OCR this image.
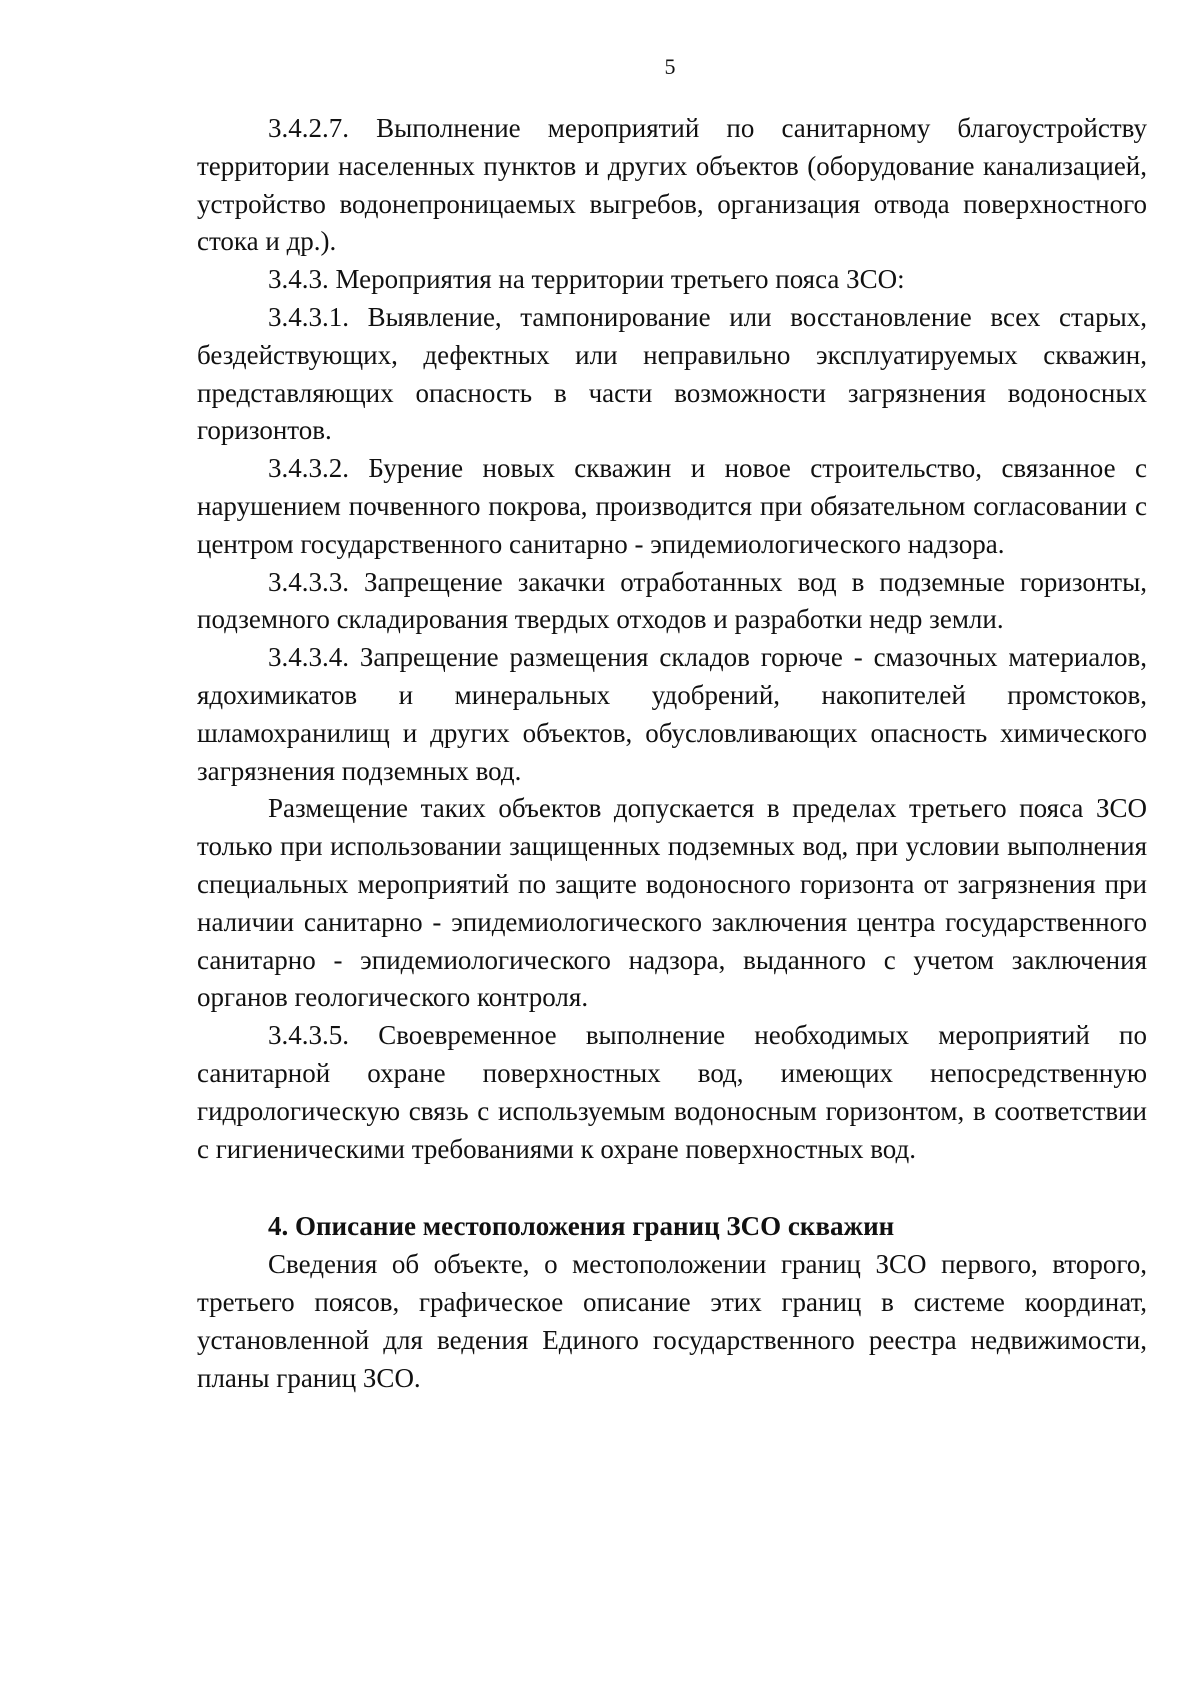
5

3.4.2.7. Выполнение мероприятий по санитарному благоустройству территории населенных пунктов и других объектов (оборудование канализацией, устройство водонепроницаемых выгребов, организация отвода поверхностного стока и др.).

3.4.3. Мероприятия на территории третьего пояса ЗСО:

3.4.3.1. Выявление, тампонирование или восстановление всех старых, бездействующих, дефектных или неправильно эксплуатируемых скважин, представляющих опасность в части возможности загрязнения водоносных горизонтов.

3.4.3.2. Бурение новых скважин и новое строительство, связанное с нарушением почвенного покрова, производится при обязательном согласовании с центром государственного санитарно - эпидемиологического надзора.

3.4.3.3. Запрещение закачки отработанных вод в подземные горизонты, подземного складирования твердых отходов и разработки недр земли.

3.4.3.4. Запрещение размещения складов горюче - смазочных материалов, ядохимикатов и минеральных удобрений, накопителей промстоков, шламохранилищ и других объектов, обусловливающих опасность химического загрязнения подземных вод.

Размещение таких объектов допускается в пределах третьего пояса ЗСО только при использовании защищенных подземных вод, при условии выполнения специальных мероприятий по защите водоносного горизонта от загрязнения при наличии санитарно - эпидемиологического заключения центра государственного санитарно - эпидемиологического надзора, выданного с учетом заключения органов геологического контроля.

3.4.3.5. Своевременное выполнение необходимых мероприятий по санитарной охране поверхностных вод, имеющих непосредственную гидрологическую связь с используемым водоносным горизонтом, в соответствии с гигиеническими требованиями к охране поверхностных вод.

4. Описание местоположения границ ЗСО скважин

Сведения об объекте, о местоположении границ ЗСО первого, второго, третьего поясов, графическое описание этих границ в системе координат, установленной для ведения Единого государственного реестра недвижимости, планы границ ЗСО.
